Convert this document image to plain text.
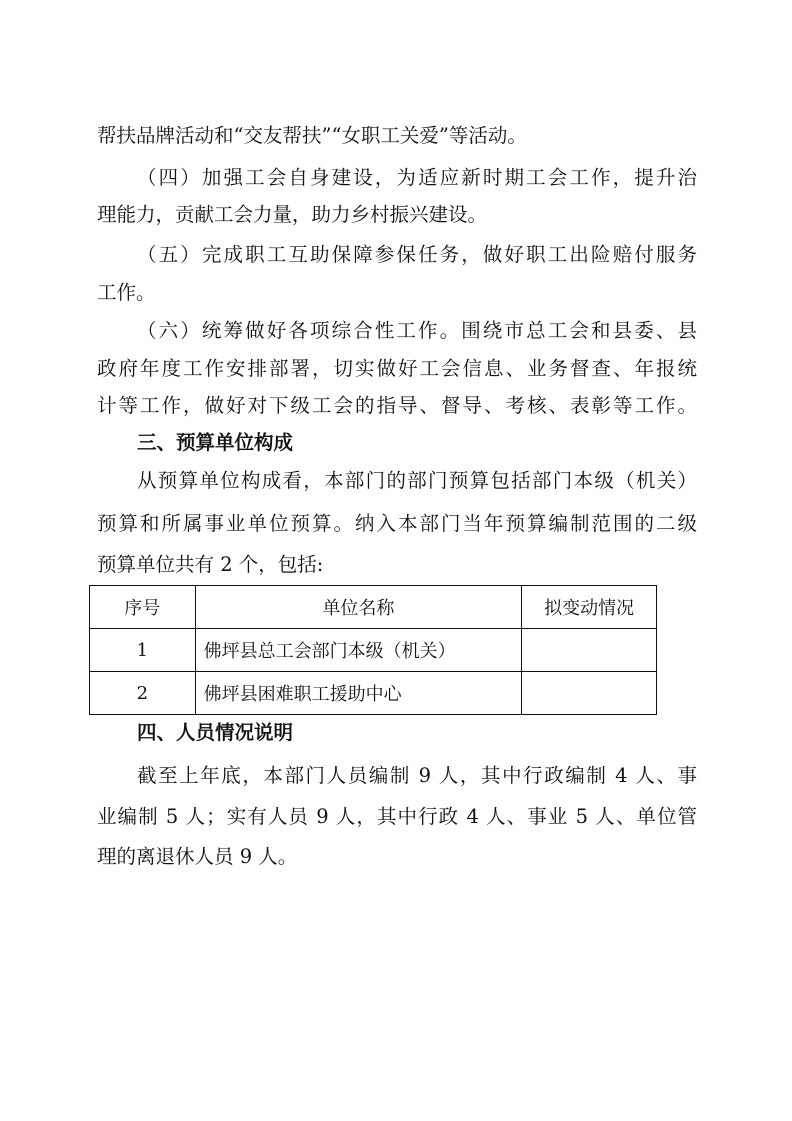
帮扶品牌活动和“交友帮扶”“女职工关爱”等活动。
（四）加强工会自身建设，为适应新时期工会工作，提升治
理能力，贡献工会力量，助力乡村振兴建设。
（五）完成职工互助保障参保任务，做好职工出险赔付服务
工作。
（六）统筹做好各项综合性工作。围绕市总工会和县委、县
政府年度工作安排部署，切实做好工会信息、业务督查、年报统
计等工作，做好对下级工会的指导、督导、考核、表彰等工作。
三、预算单位构成
从预算单位构成看，本部门的部门预算包括部门本级（机关）
预算和所属事业单位预算。纳入本部门当年预算编制范围的二级
预算单位共有 2 个，包括:
序号	单位名称	拟变动情况
1	佛坪县总工会部门本级（机关）	
2	佛坪县困难职工援助中心	
四、人员情况说明
截至上年底，本部门人员编制 9 人，其中行政编制 4 人、事
业编制 5 人；实有人员 9 人，其中行政 4 人、事业 5 人、单位管
理的离退休人员 9 人。
